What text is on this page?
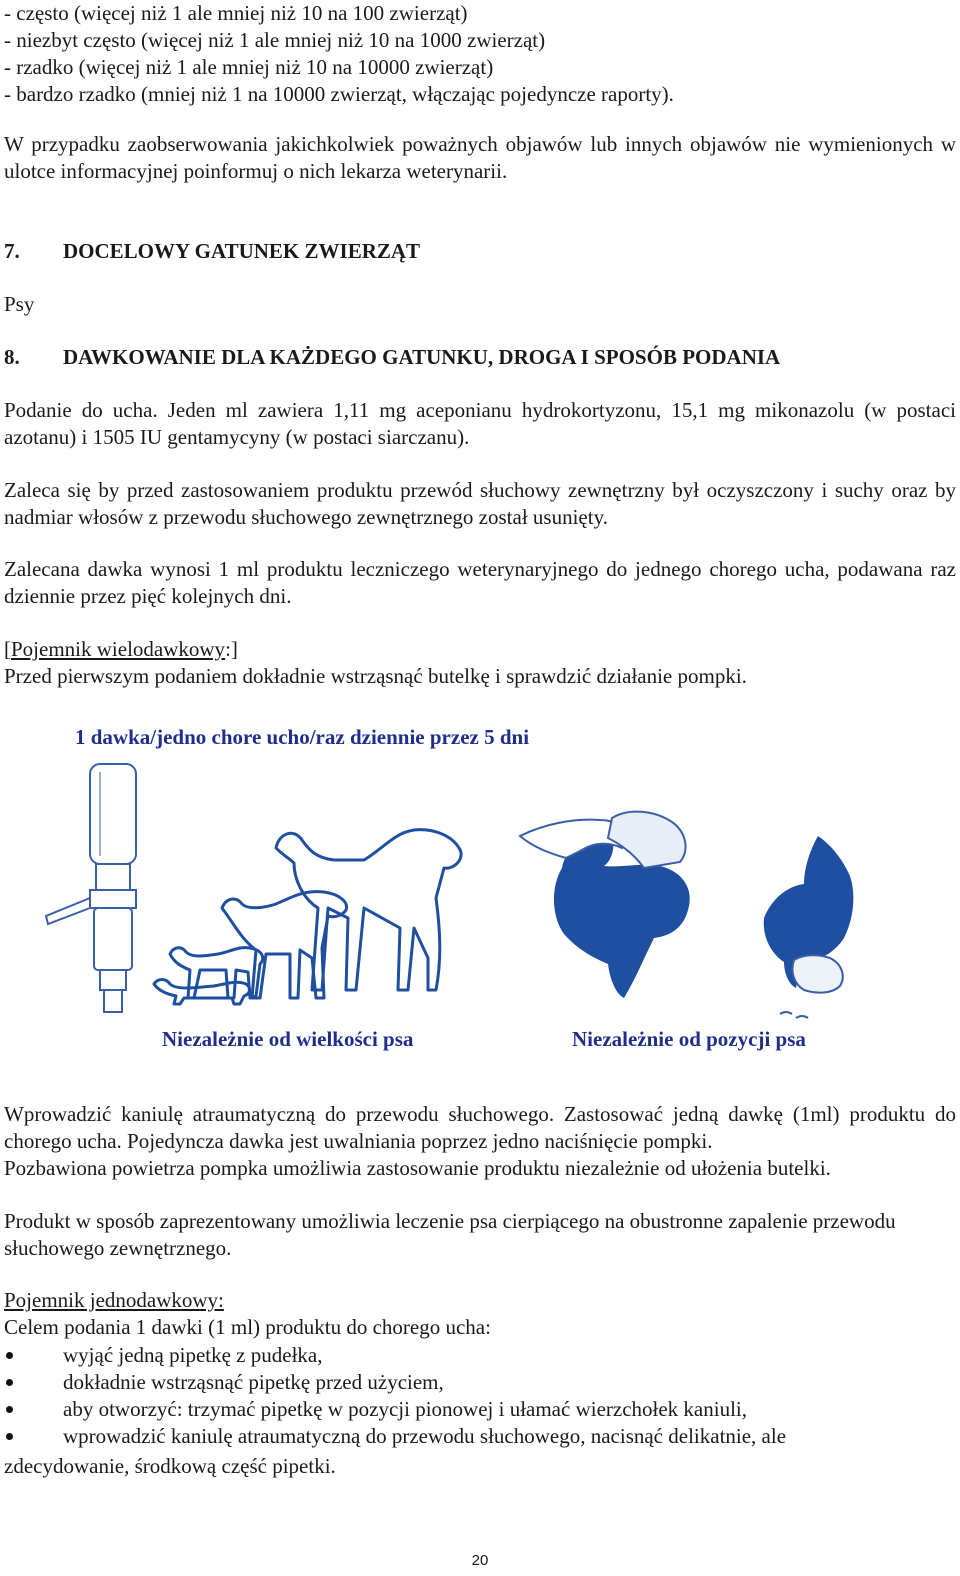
- często (więcej niż 1 ale mniej niż 10 na 100 zwierząt)
- niezbyt często (więcej niż 1 ale mniej niż 10 na 1000 zwierząt)
- rzadko (więcej niż 1 ale mniej niż 10 na 10000 zwierząt)
- bardzo rzadko (mniej niż 1 na 10000 zwierząt, włączając pojedyncze raporty).

W przypadku zaobserwowania jakichkolwiek poważnych objawów lub innych objawów nie wymienionych w ulotce informacyjnej poinformuj o nich lekarza weterynarii.

7. DOCELOWY GATUNEK ZWIERZĄT

Psy

8. DAWKOWANIE DLA KAŻDEGO GATUNKU, DROGA I SPOSÓB PODANIA

Podanie do ucha. Jeden ml zawiera 1,11 mg aceponianu hydrokortyzonu, 15,1 mg mikonazolu (w postaci azotanu) i 1505 IU gentamycyny (w postaci siarczanu).

Zaleca się by przed zastosowaniem produktu przewód słuchowy zewnętrzny był oczyszczony i suchy oraz by nadmiar włosów z przewodu słuchowego zewnętrznego został usunięty.

Zalecana dawka wynosi 1 ml produktu leczniczego weterynaryjnego do jednego chorego ucha, podawana raz dziennie przez pięć kolejnych dni.

[Pojemnik wielodawkowy:]

Przed pierwszym podaniem dokładnie wstrząsnąć butelkę i sprawdzić działanie pompki.

1 dawka/jedno chore ucho/raz dziennie przez 5 dni
Niezależnie od wielkości psa	Niezależnie od pozycji psa

Wprowadzić kaniulę atraumatyczną do przewodu słuchowego. Zastosować jedną dawkę (1ml) produktu do chorego ucha. Pojedyncza dawka jest uwalniania poprzez jedno naciśnięcie pompki.

Pozbawiona powietrza pompka umożliwia zastosowanie produktu niezależnie od ułożenia butelki.

Produkt w sposób zaprezentowany umożliwia leczenie psa cierpiącego na obustronne zapalenie przewodu słuchowego zewnętrznego.

Pojemnik jednodawkowy:

Celem podania 1 dawki (1 ml) produktu do chorego ucha:

wyjąć jedną pipetkę z pudełka,
dokładnie wstrząsnąć pipetkę przed użyciem,
aby otworzyć: trzymać pipetkę w pozycji pionowej i ułamać wierzchołek kaniuli,
wprowadzić kaniulę atraumatyczną do przewodu słuchowego, nacisnąć delikatnie, ale

zdecydowanie, środkową część pipetki.

20
